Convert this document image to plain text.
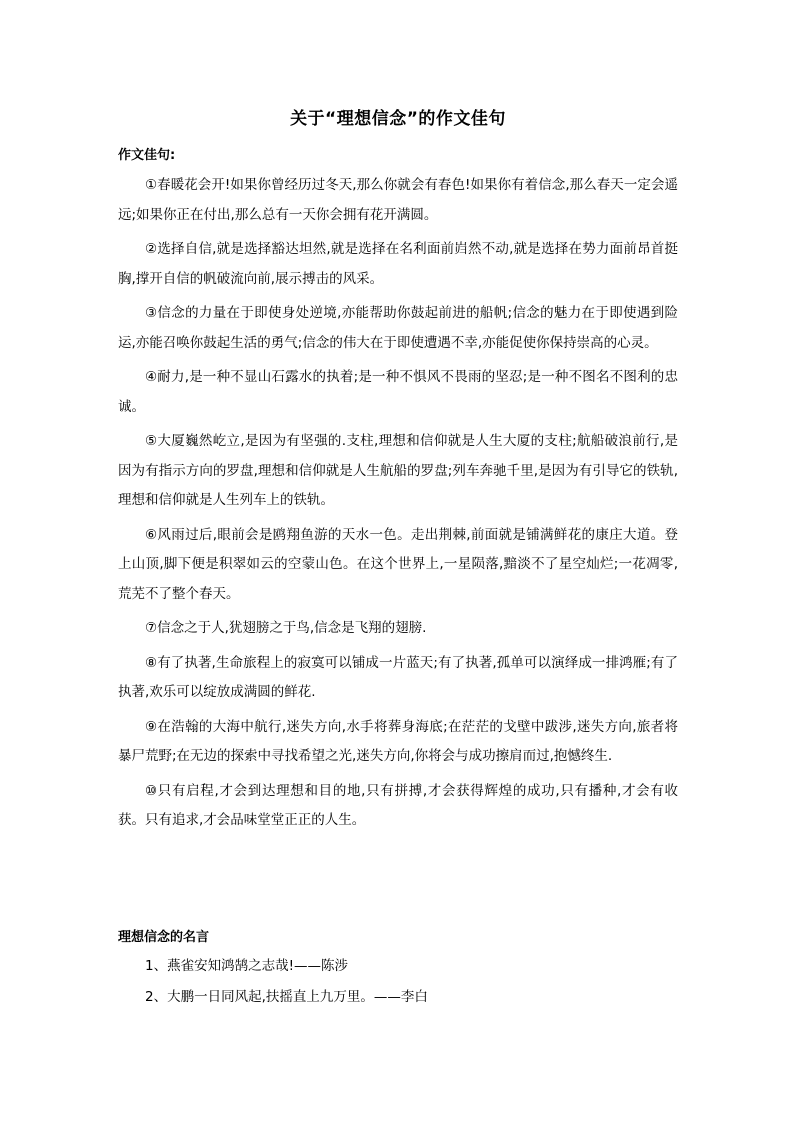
关于“理想信念”的作文佳句
作文佳句:

①春暖花会开!如果你曾经历过冬天,那么你就会有春色!如果你有着信念,那么春天一定会遥远;如果你正在付出,那么总有一天你会拥有花开满圆。

②选择自信,就是选择豁达坦然,就是选择在名利面前岿然不动,就是选择在势力面前昂首挺胸,撑开自信的帆破流向前,展示搏击的风采。

③信念的力量在于即使身处逆境,亦能帮助你鼓起前进的船帆;信念的魅力在于即使遇到险运,亦能召唤你鼓起生活的勇气;信念的伟大在于即使遭遇不幸,亦能促使你保持崇高的心灵。

④耐力,是一种不显山石露水的执着;是一种不惧风不畏雨的坚忍;是一种不图名不图利的忠诚。

⑤大厦巍然屹立,是因为有坚强的.支柱,理想和信仰就是人生大厦的支柱;航船破浪前行,是因为有指示方向的罗盘,理想和信仰就是人生航船的罗盘;列车奔驰千里,是因为有引导它的铁轨,理想和信仰就是人生列车上的铁轨。

⑥风雨过后,眼前会是鸥翔鱼游的天水一色。走出荆棘,前面就是铺满鲜花的康庄大道。登上山顶,脚下便是积翠如云的空蒙山色。在这个世界上,一星陨落,黯淡不了星空灿烂;一花凋零,荒芜不了整个春天。

⑦信念之于人,犹翅膀之于鸟,信念是飞翔的翅膀.

⑧有了执著,生命旅程上的寂寞可以铺成一片蓝天;有了执著,孤单可以演绎成一排鸿雁;有了执著,欢乐可以绽放成满圆的鲜花.

⑨在浩翰的大海中航行,迷失方向,水手将葬身海底;在茫茫的戈壁中跋涉,迷失方向,旅者将暴尸荒野;在无边的探索中寻找希望之光,迷失方向,你将会与成功擦肩而过,抱憾终生.

⑩只有启程,才会到达理想和目的地,只有拼搏,才会获得辉煌的成功,只有播种,才会有收获。只有追求,才会品味堂堂正正的人生。

理想信念的名言

1、燕雀安知鸿鹄之志哉!——陈涉

2、大鹏一日同风起,扶摇直上九万里。——李白
